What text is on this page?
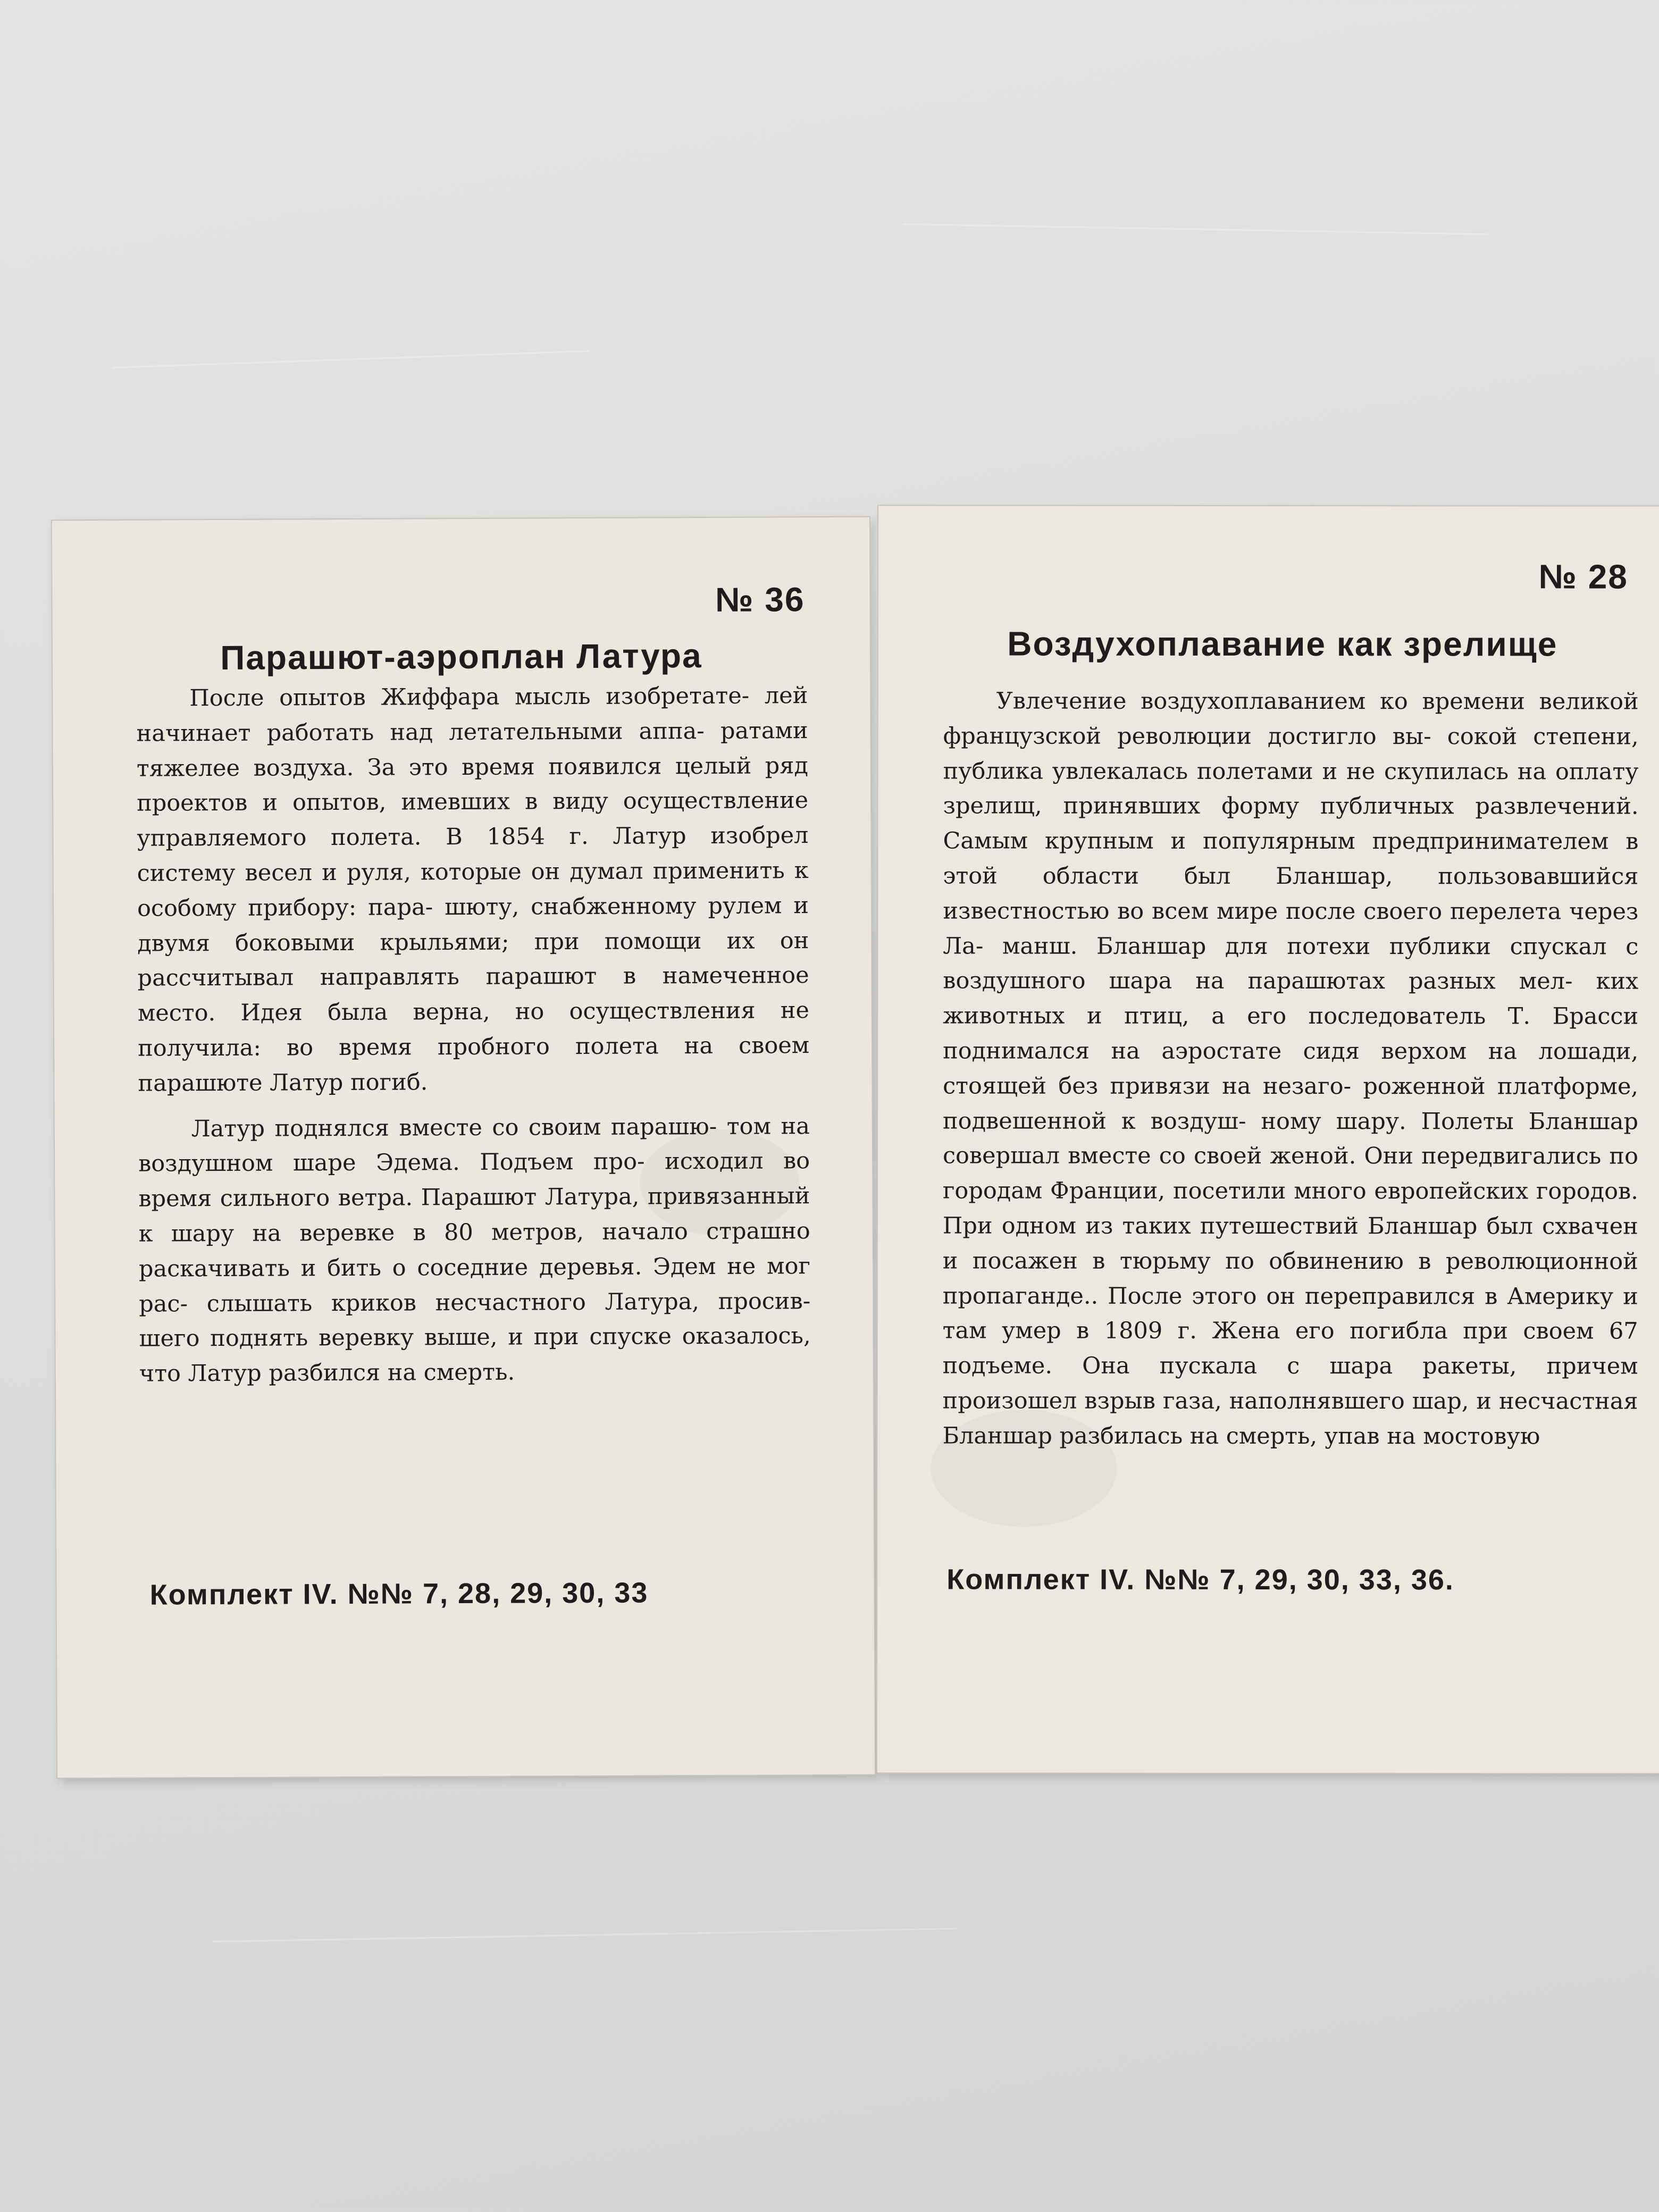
№ 36
Парашют-аэроплан Латура

После опытов Жиффара мысль изобретате- лей начинает работать над летательными аппа- ратами тяжелее воздуха. За это время появился целый ряд проектов и опытов, имевших в виду осуществление управляемого полета. В 1854 г. Латур изобрел систему весел и руля, которые он думал применить к особому прибору: пара- шюту, снабженному рулем и двумя боковыми крыльями; при помощи их он рассчитывал направлять парашют в намеченное место. Идея была верна, но осуществления не получила: во время пробного полета на своем парашюте Латур погиб.

Латур поднялся вместе со своим парашю- том на воздушном шаре Эдема. Подъем про- исходил во время сильного ветра. Парашют Латура, привязанный к шару на веревке в 80 метров, начало страшно раскачивать и бить о соседние деревья. Эдем не мог рас- слышать криков несчастного Латура, просив- шего поднять веревку выше, и при спуске оказалось, что Латур разбился на смерть.

Комплект IV. №№ 7, 28, 29, 30, 33
№ 28
Воздухоплавание как зрелище

Увлечение воздухоплаванием ко времени великой французской революции достигло вы- сокой степени, публика увлекалась полетами и не скупилась на оплату зрелищ, принявших форму публичных развлечений. Самым крупным и популярным предпринимателем в этой области был Бланшар, пользовавшийся известностью во всем мире после своего перелета через Ла- манш. Бланшар для потехи публики спускал с воздушного шара на парашютах разных мел- ких животных и птиц, а его последователь Т. Брасси поднимался на аэростате сидя верхом на лошади, стоящей без привязи на незаго- роженной платформе, подвешенной к воздуш- ному шару. Полеты Бланшар совершал вместе со своей женой. Они передвигались по городам Франции, посетили много европейских городов. При одном из таких путешествий Бланшар был схвачен и посажен в тюрьму по обвинению в революционной пропаганде.. После этого он переправился в Америку и там умер в 1809 г. Жена его погибла при своем 67 подъеме. Она пускала с шара ракеты, причем произошел взрыв газа, наполнявшего шар, и несчастная Бланшар разбилась на смерть, упав на мостовую

Комплект IV. №№ 7, 29, 30, 33, 36.
